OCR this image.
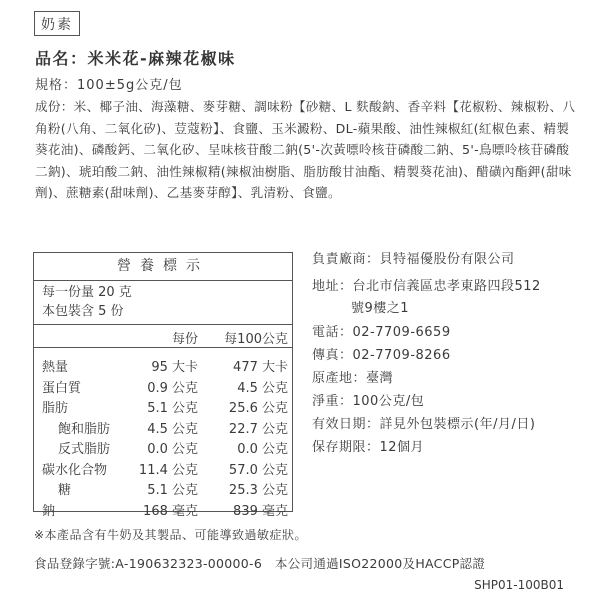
奶素
品名：米米花-麻辣花椒味
規格：100±5g公克/包
成份：米、椰子油、海藻糖、麥芽糖、調味粉【砂糖、L 麩酸鈉、香辛料【花椒粉、辣椒粉、八角粉(八角、二氧化矽)、荳蔻粉】、食鹽、玉米澱粉、DL-蘋果酸、油性辣椒紅(紅椒色素、精製葵花油)、磷酸鈣、二氧化矽、呈味核苷酸二鈉(5'-次黃嘌呤核苷磷酸二鈉、5'-鳥嘌呤核苷磷酸二鈉)、琥珀酸二鈉、油性辣椒精(辣椒油樹脂、脂肪酸甘油酯、精製葵花油)、醋磺內酯鉀(甜味劑)、蔗糖素(甜味劑)、乙基麥芽醇】、乳清粉、食鹽。
營養標示
每一份量 20 克
本包裝含 5 份
每份 每100公克
熱量	95 大卡	477 大卡
蛋白質	0.9 公克	4.5 公克
脂肪	5.1 公克 25.6 公克
飽和脂肪	4.5 公克 22.7 公克
反式脂肪	0.0 公克	0.0 公克
碳水化合物 11.4 公克 57.0 公克
糖	5.1 公克 25.3 公克
鈉	168 毫克	839 毫克
負責廠商：貝特福優股份有限公司
地址：台北市信義區忠孝東路四段512
號9樓之1
電話：02-7709-6659
傳真：02-7709-8266
原產地：臺灣
淨重：100公克/包
有效日期：詳見外包裝標示(年/月/日)
保存期限：12個月
※本產品含有牛奶及其製品、可能導致過敏症狀。
食品登錄字號:A-190632323-00000-6　本公司通過ISO22000及HACCP認證
SHP01-100B01
